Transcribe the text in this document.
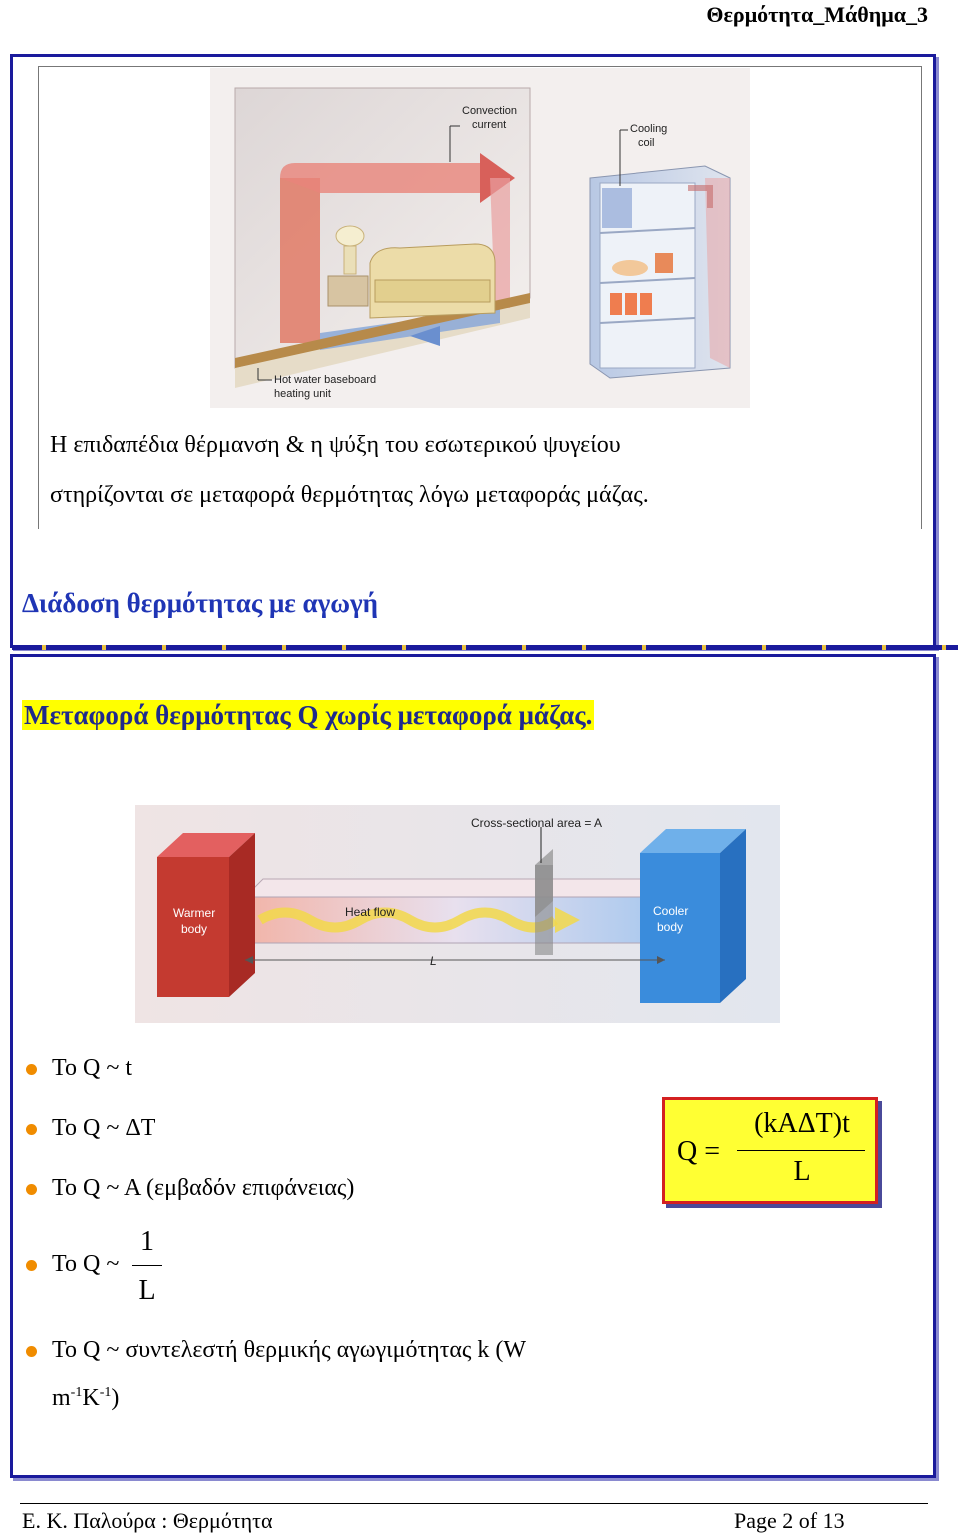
Θερμότητα_Μάθημα_3
Convection current	Cooling coil Hot water baseboard heating unit
Η επιδαπέδια θέρμανση & η ψύξη του εσωτερικού ψυγείου
στηρίζονται σε μεταφορά θερμότητας λόγω μεταφοράς μάζας.
Διάδοση θερμότητας με αγωγή
Μεταφορά θερμότητας Q χωρίς μεταφορά μάζας.
Cross-sectional area = A Warmer body Heat flow	Cooler body L
Το Q ~ t
Το Q ~ ΔT
Το Q ~ A (εμβαδόν επιφάνειας)
Το Q ~
1
L
Το Q ~ συντελεστή θερμικής αγωγιμότητας k (W
$m^{-1}K^{-1}$)
Q =
(kAΔT)t
L
Ε. Κ. Παλούρα : Θερμότητα	Page 2 of 13
